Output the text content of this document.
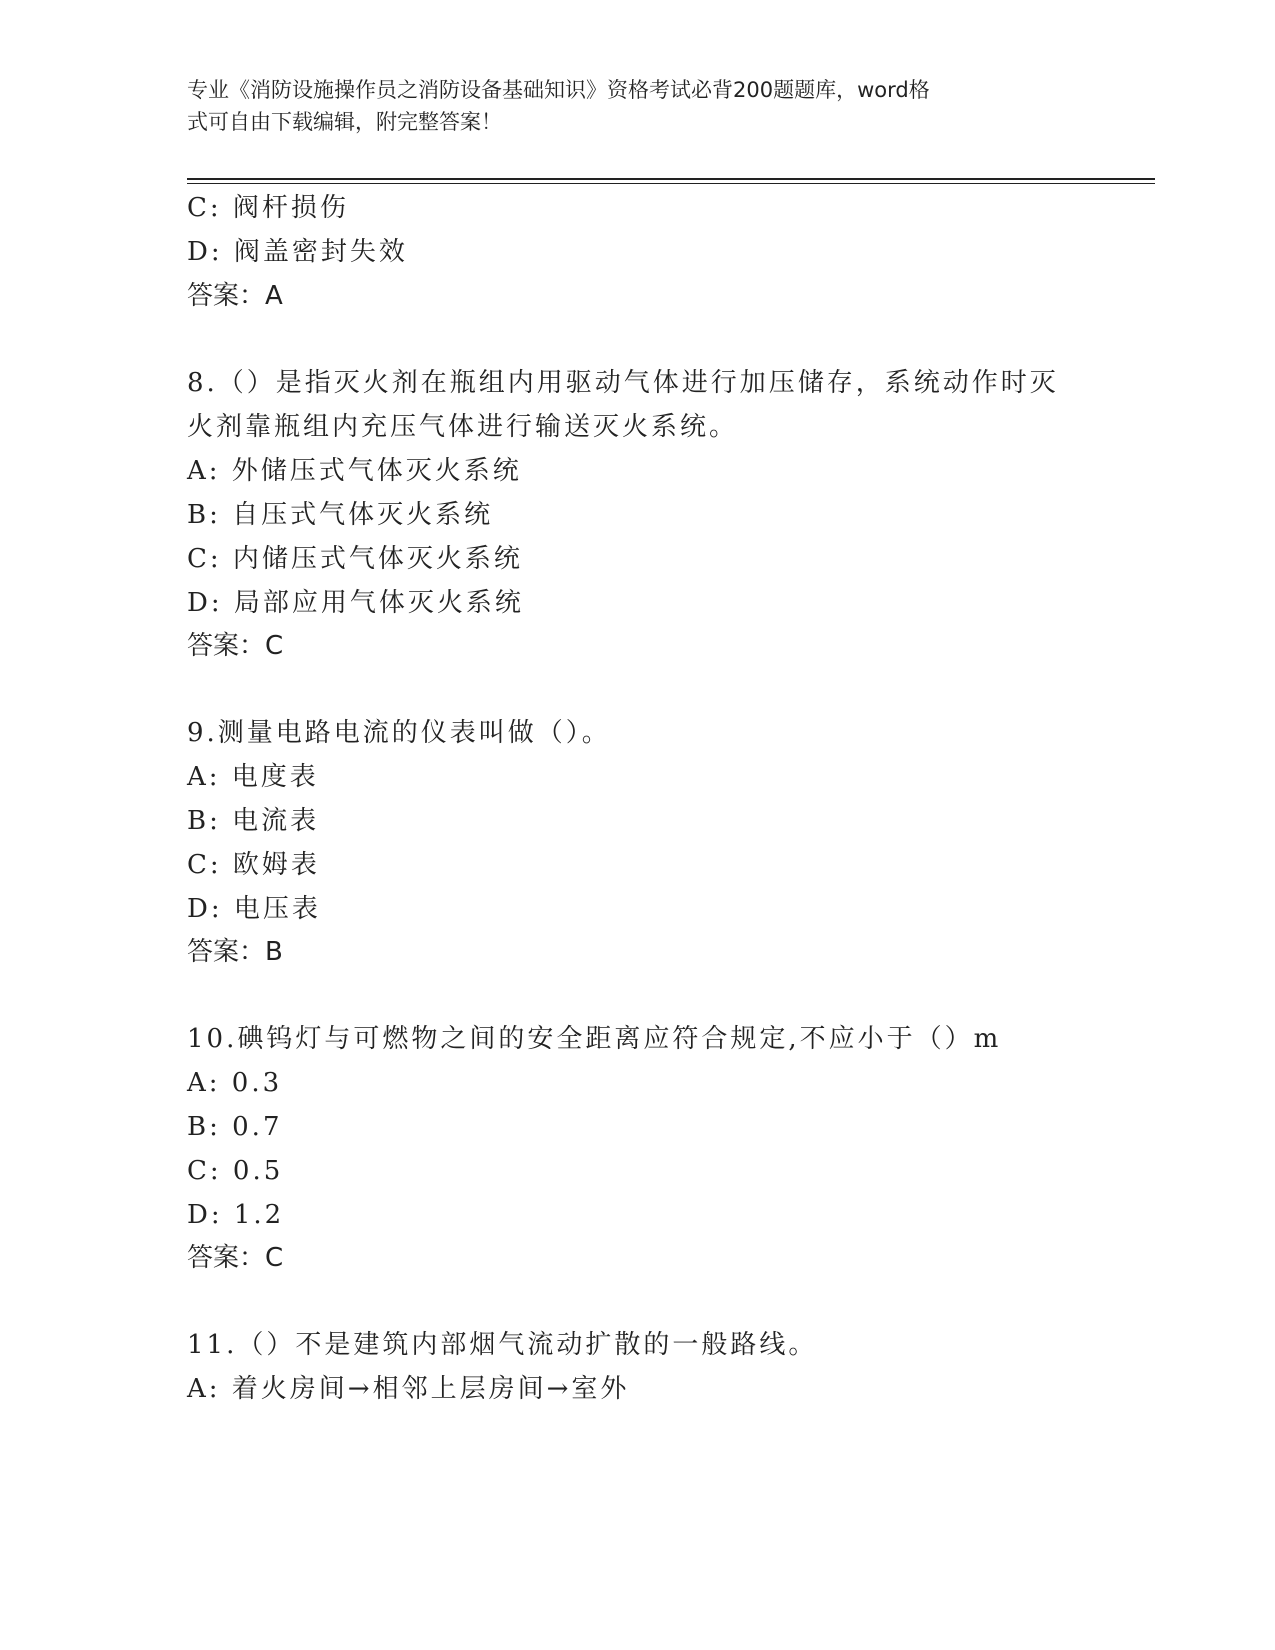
专业《消防设施操作员之消防设备基础知识》资格考试必背200题题库，word格
式可自由下载编辑，附完整答案！
C: 阀杆损伤
D: 阀盖密封失效
答案：A
8.（）是指灭火剂在瓶组内用驱动气体进行加压储存，系统动作时灭
火剂靠瓶组内充压气体进行输送灭火系统。
A: 外储压式气体灭火系统
B: 自压式气体灭火系统
C: 内储压式气体灭火系统
D: 局部应用气体灭火系统
答案：C
9.测量电路电流的仪表叫做（）。
A: 电度表
B: 电流表
C: 欧姆表
D: 电压表
答案：B
10.碘钨灯与可燃物之间的安全距离应符合规定,不应小于（）m
A: 0.3
B: 0.7
C: 0.5
D: 1.2
答案：C
11.（）不是建筑内部烟气流动扩散的一般路线。
A: 着火房间→相邻上层房间→室外
